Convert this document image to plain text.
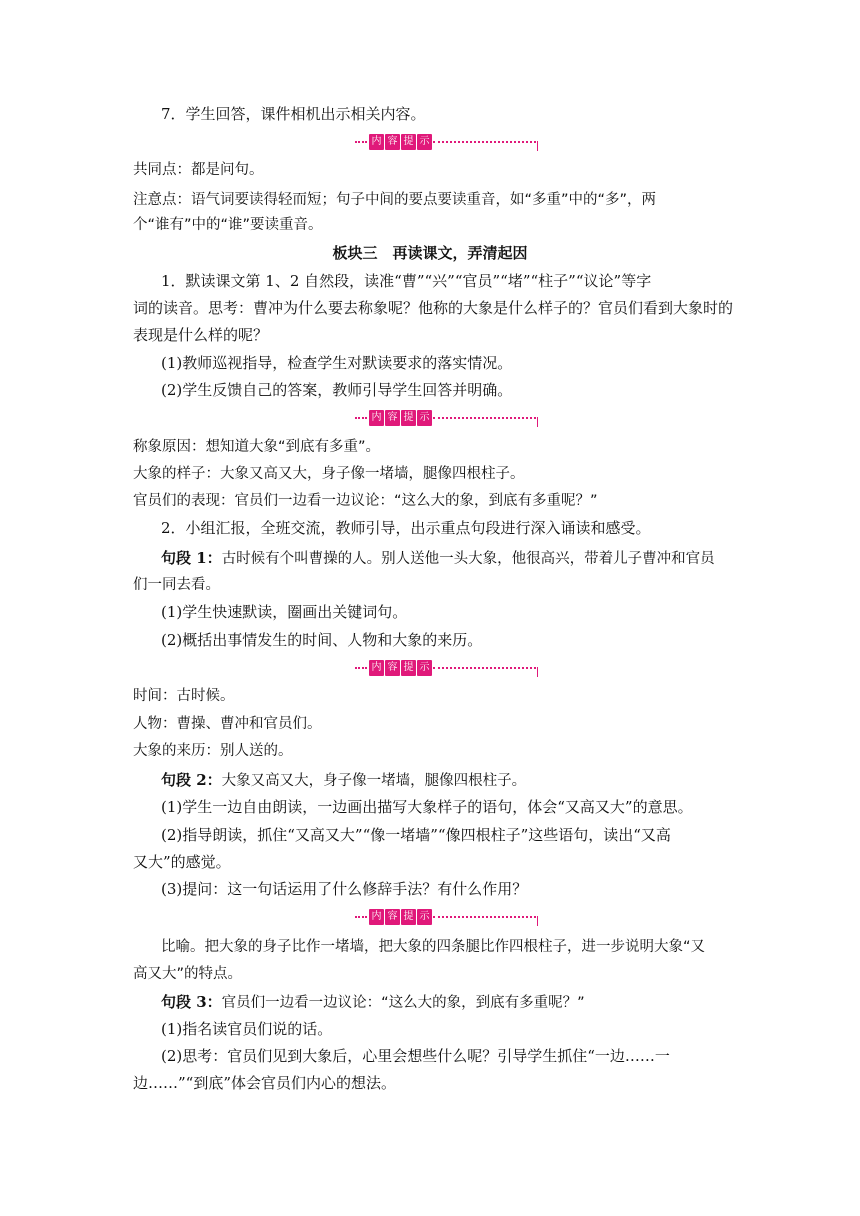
7．学生回答，课件相机出示相关内容。
内 容 提 示
共同点：都是问句。
注意点：语气词要读得轻而短；句子中间的要点要读重音，如“多重”中的“多”，两
个“谁有”中的“谁”要读重音。
板块三　再读课文，弄清起因
1．默读课文第 1、2 自然段，读准“曹”“兴”“官员”“堵”“柱子”“议论”等字
词的读音。思考：曹冲为什么要去称象呢？他称的大象是什么样子的？官员们看到大象时的
表现是什么样的呢？
(1)教师巡视指导，检查学生对默读要求的落实情况。
(2)学生反馈自己的答案，教师引导学生回答并明确。
内 容 提 示
称象原因：想知道大象“到底有多重”。
大象的样子：大象又高又大，身子像一堵墙，腿像四根柱子。
官员们的表现：官员们一边看一边议论：“这么大的象，到底有多重呢？”
2．小组汇报，全班交流，教师引导，出示重点句段进行深入诵读和感受。
句段 1：古时候有个叫曹操的人。别人送他一头大象，他很高兴，带着儿子曹冲和官员
们一同去看。
(1)学生快速默读，圈画出关键词句。
(2)概括出事情发生的时间、人物和大象的来历。
内 容 提 示
时间：古时候。
人物：曹操、曹冲和官员们。
大象的来历：别人送的。
句段 2：大象又高又大，身子像一堵墙，腿像四根柱子。
(1)学生一边自由朗读，一边画出描写大象样子的语句，体会“又高又大”的意思。
(2)指导朗读，抓住“又高又大”“像一堵墙”“像四根柱子”这些语句，读出“又高
又大”的感觉。
(3)提问：这一句话运用了什么修辞手法？有什么作用？
内 容 提 示
比喻。把大象的身子比作一堵墙，把大象的四条腿比作四根柱子，进一步说明大象“又
高又大”的特点。
句段 3：官员们一边看一边议论：“这么大的象，到底有多重呢？”
(1)指名读官员们说的话。
(2)思考：官员们见到大象后，心里会想些什么呢？引导学生抓住“一边……一
边……”“到底”体会官员们内心的想法。
